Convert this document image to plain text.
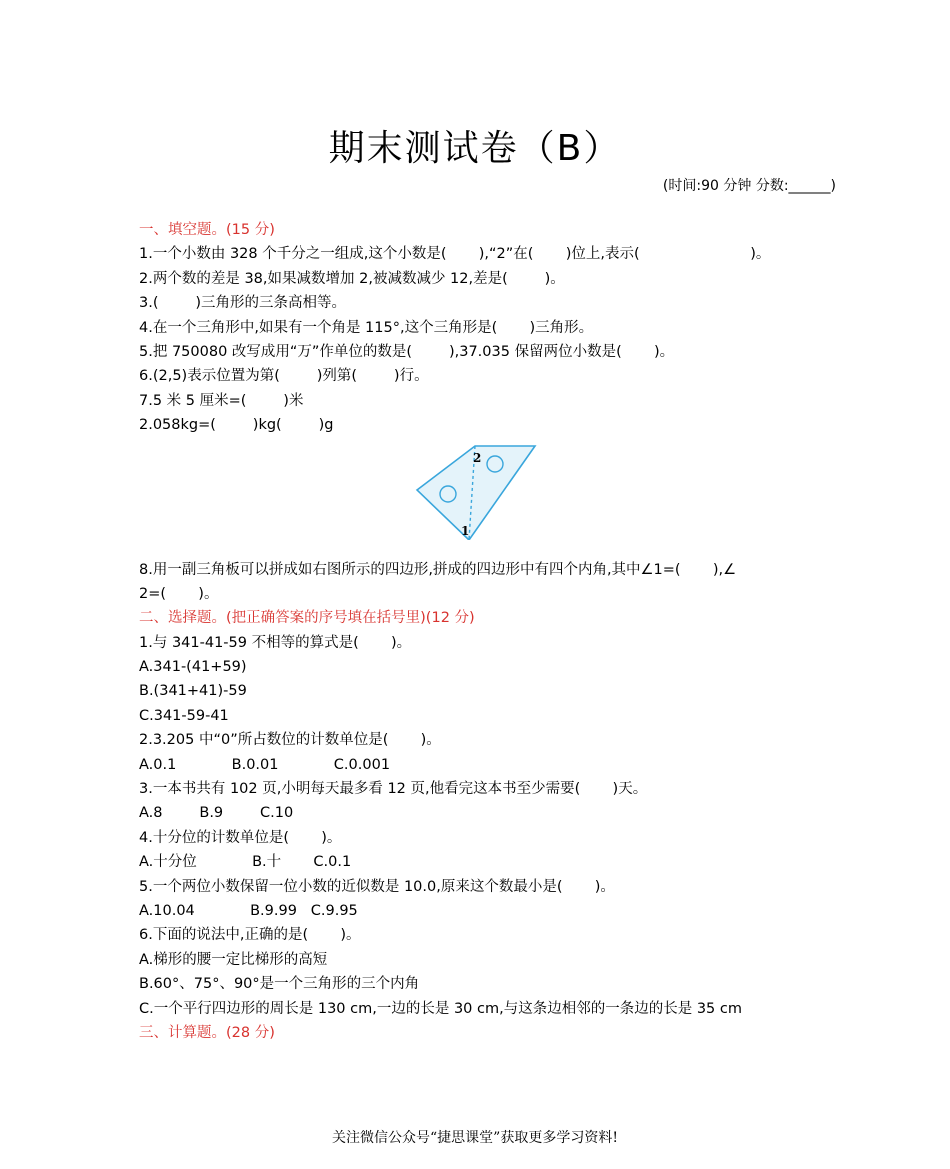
期末测试卷（B）
(时间:90 分钟 分数:______)
一、填空题。(15 分)
1.一个小数由 328 个千分之一组成,这个小数是(       ),“2”在(       )位上,表示(                        )。
2.两个数的差是 38,如果减数增加 2,被减数减少 12,差是(        )。
3.(        )三角形的三条高相等。
4.在一个三角形中,如果有一个角是 115°,这个三角形是(       )三角形。
5.把 750080 改写成用“万”作单位的数是(        ),37.035 保留两位小数是(       )。
6.(2,5)表示位置为第(        )列第(        )行。
7.5 米 5 厘米=(        )米
2.058kg=(        )kg(        )g
2
1
8.用一副三角板可以拼成如右图所示的四边形,拼成的四边形中有四个内角,其中∠1=(       ),∠
2=(       )。
二、选择题。(把正确答案的序号填在括号里)(12 分)
1.与 341-41-59 不相等的算式是(       )。
A.341-(41+59)
B.(341+41)-59
C.341-59-41
2.3.205 中“0”所占数位的计数单位是(       )。
A.0.1            B.0.01            C.0.001
3.一本书共有 102 页,小明每天最多看 12 页,他看完这本书至少需要(       )天。
A.8        B.9        C.10
4.十分位的计数单位是(       )。
A.十分位            B.十       C.0.1
5.一个两位小数保留一位小数的近似数是 10.0,原来这个数最小是(       )。
A.10.04            B.9.99   C.9.95
6.下面的说法中,正确的是(       )。
A.梯形的腰一定比梯形的高短
B.60°、75°、90°是一个三角形的三个内角
C.一个平行四边形的周长是 130 cm,一边的长是 30 cm,与这条边相邻的一条边的长是 35 cm
三、计算题。(28 分)
关注微信公众号“捷思课堂”获取更多学习资料!
